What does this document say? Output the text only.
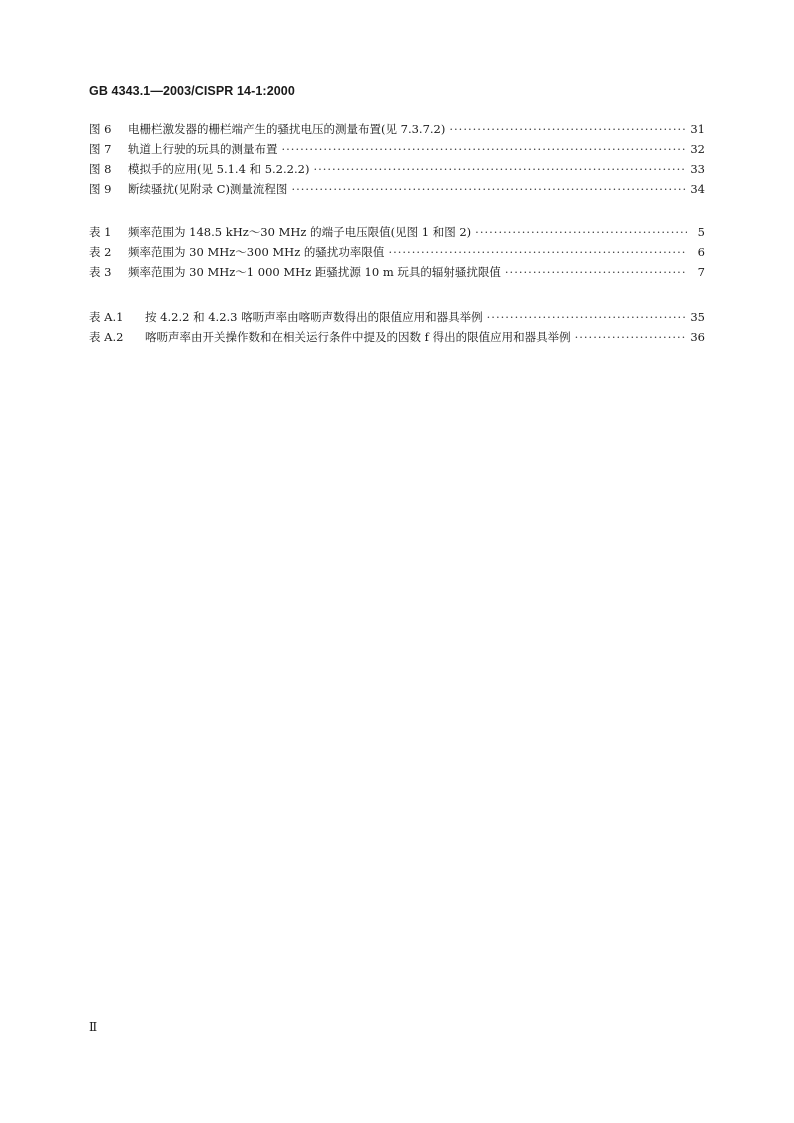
GB 4343.1—2003/CISPR 14-1:2000
图 6	电栅栏激发器的栅栏端产生的骚扰电压的测量布置(见 7.3.7.2) ·····	31
图 7	轨道上行驶的玩具的测量布置 ·····	32
图 8	模拟手的应用(见 5.1.4 和 5.2.2.2) ·····	33
图 9	断续骚扰(见附录 C)测量流程图 ·····	34
表 1	频率范围为 148.5 kHz～30 MHz 的端子电压限值(见图 1 和图 2) ·····	5
表 2	频率范围为 30 MHz～300 MHz 的骚扰功率限值 ·····	6
表 3	频率范围为 30 MHz～1 000 MHz 距骚扰源 10 m 玩具的辐射骚扰限值 ·····	7
表 A.1	按 4.2.2 和 4.2.3 喀呖声率由喀呖声数得出的限值应用和器具举例 ·····	35
表 A.2	喀呖声率由开关操作数和在相关运行条件中提及的因数 f 得出的限值应用和器具举例 ·····	36
Ⅱ
